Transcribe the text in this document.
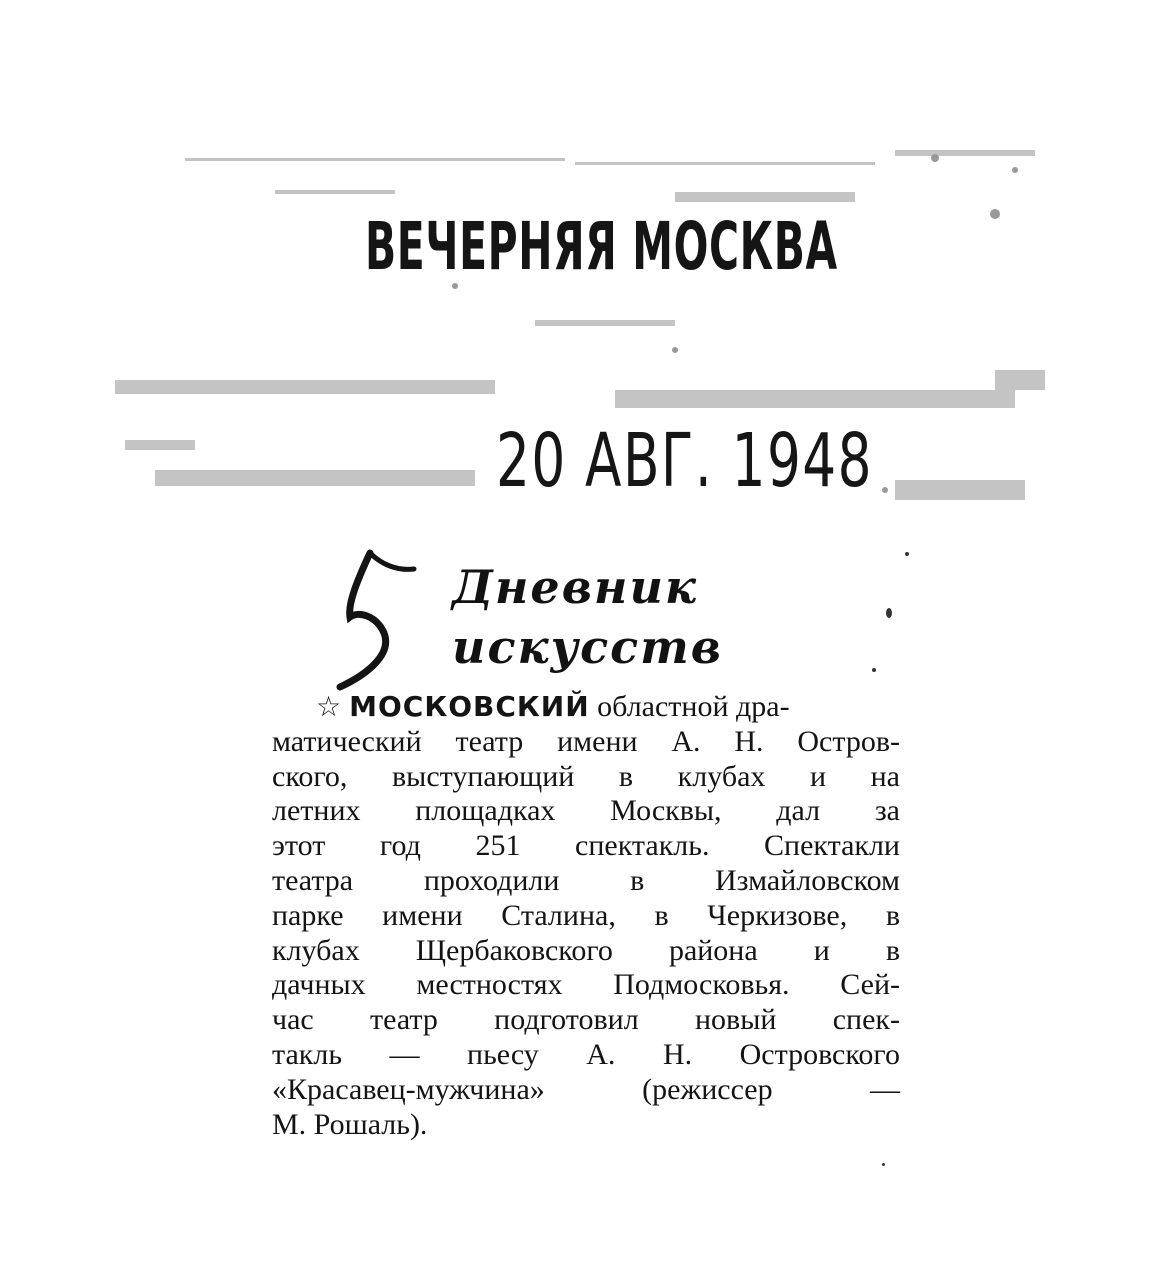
ВЕЧЕРНЯЯ МОСКВА
20 АВГ. 1948
5
Дневник
искусств
☆ МОСКОВСКИЙ областной дра-
матический театр имени А. Н. Остров-
ского, выступающий в клубах и на
летних площадках Москвы, дал за
этот год 251 спектакль. Спектакли
театра проходили в Измайловском
парке имени Сталина, в Черкизове, в
клубах Щербаковского района и в
дачных местностях Подмосковья. Сей-
час театр подготовил новый спек-
такль — пьесу А. Н. Островского
«Красавец-мужчина» (режиссер —
М. Рошаль).
